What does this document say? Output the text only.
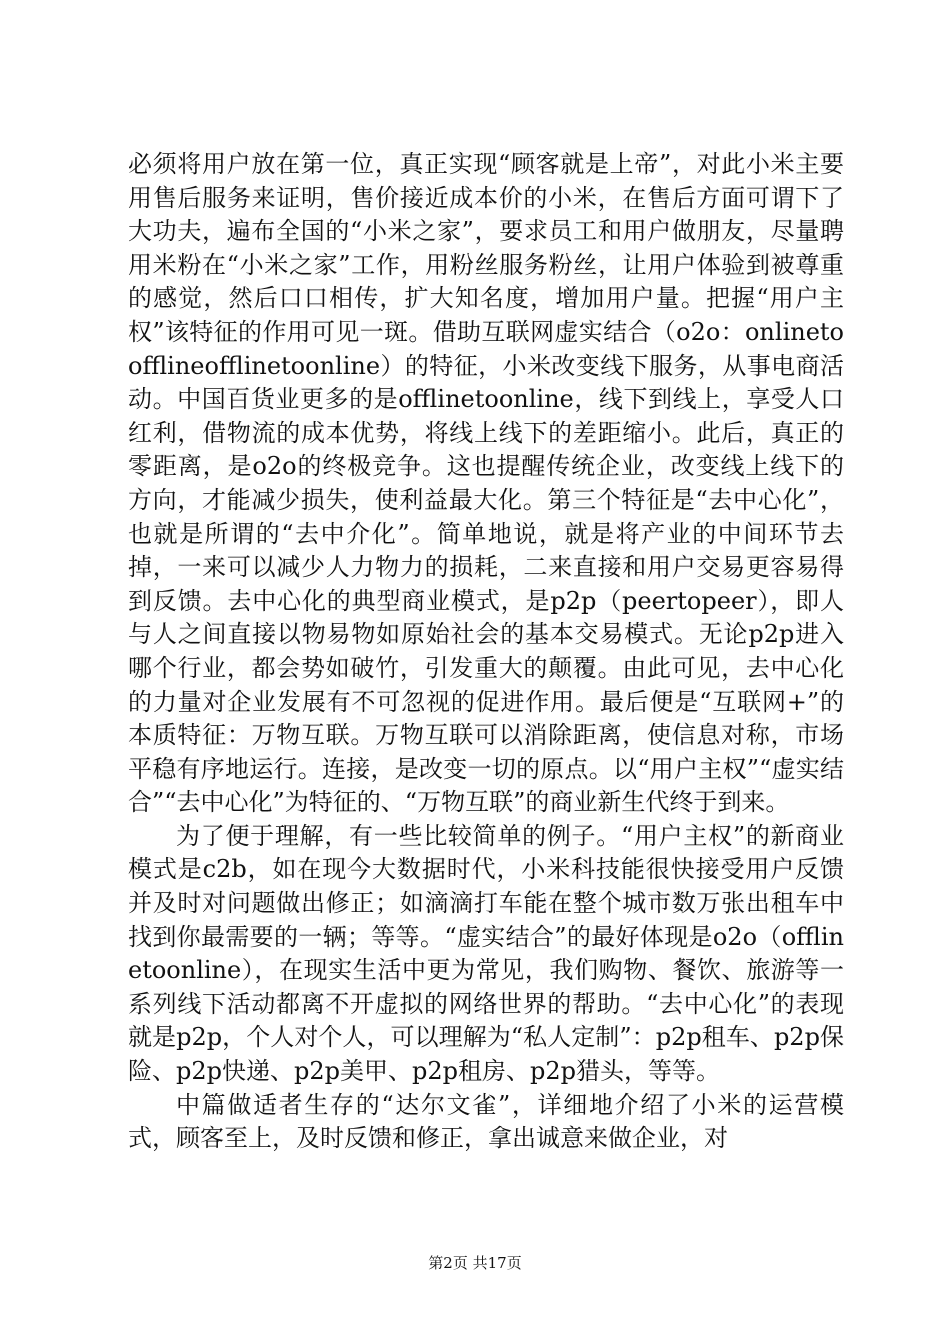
必须将用户放在第一位，真正实现“顾客就是上帝”，对此小米主要用售后服务来证明，售价接近成本价的小米，在售后方面可谓下了大功夫，遍布全国的“小米之家”，要求员工和用户做朋友，尽量聘用米粉在“小米之家”工作，用粉丝服务粉丝，让用户体验到被尊重的感觉，然后口口相传，扩大知名度，增加用户量。把握“用户主权”该特征的作用可见一斑。借助互联网虚实结合（o2o：onlinetoofflineofflinetoonline）的特征，小米改变线下服务，从事电商活动。中国百货业更多的是offlinetoonline，线下到线上，享受人口红利，借物流的成本优势，将线上线下的差距缩小。此后，真正的零距离，是o2o的终极竞争。这也提醒传统企业，改变线上线下的方向，才能减少损失，使利益最大化。第三个特征是“去中心化”，也就是所谓的“去中介化”。简单地说，就是将产业的中间环节去掉，一来可以减少人力物力的损耗，二来直接和用户交易更容易得到反馈。去中心化的典型商业模式，是p2p（peertopeer），即人与人之间直接以物易物如原始社会的基本交易模式。无论p2p进入哪个行业，都会势如破竹，引发重大的颠覆。由此可见，去中心化的力量对企业发展有不可忽视的促进作用。最后便是“互联网+”的本质特征：万物互联。万物互联可以消除距离，使信息对称，市场平稳有序地运行。连接，是改变一切的原点。以“用户主权”“虚实结合”“去中心化”为特征的、“万物互联”的商业新生代终于到来。

为了便于理解，有一些比较简单的例子。“用户主权”的新商业模式是c2b，如在现今大数据时代，小米科技能很快接受用户反馈并及时对问题做出修正；如滴滴打车能在整个城市数万张出租车中找到你最需要的一辆；等等。“虚实结合”的最好体现是o2o（offlinetoonline），在现实生活中更为常见，我们购物、餐饮、旅游等一系列线下活动都离不开虚拟的网络世界的帮助。“去中心化”的表现就是p2p，个人对个人，可以理解为“私人定制”：p2p租车、p2p保险、p2p快递、p2p美甲、p2p租房、p2p猎头，等等。

中篇做适者生存的“达尔文雀”，详细地介绍了小米的运营模式，顾客至上，及时反馈和修正，拿出诚意来做企业，对

第2页 共17页
